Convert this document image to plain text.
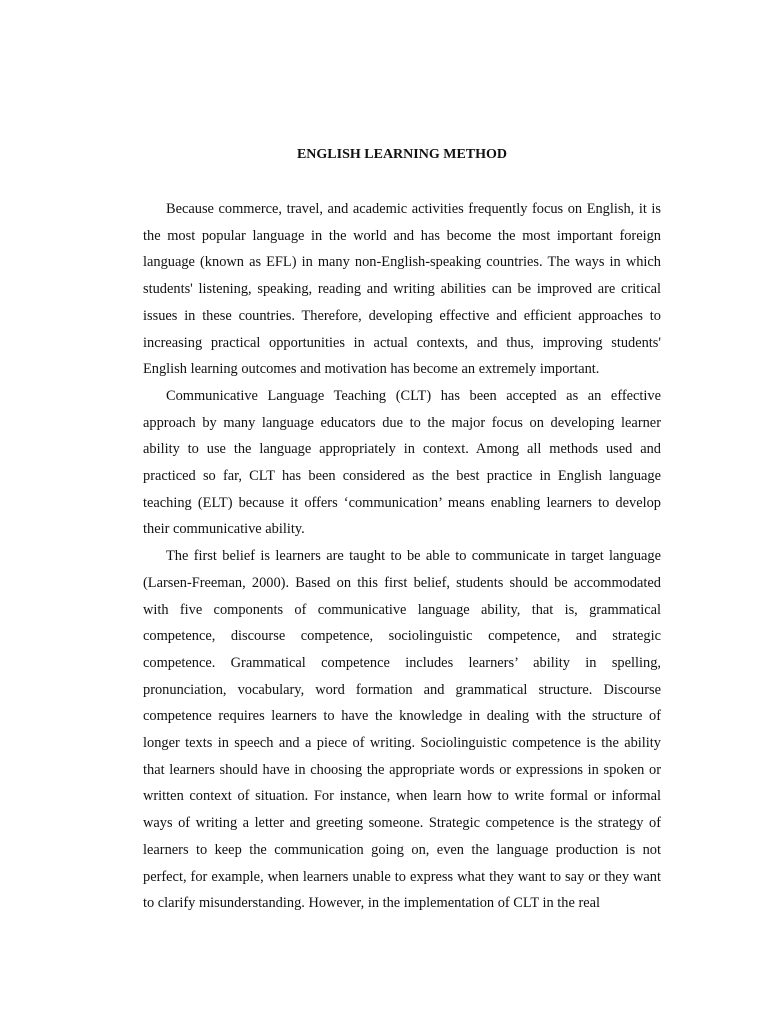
ENGLISH LEARNING METHOD

Because commerce, travel, and academic activities frequently focus on English, it is the most popular language in the world and has become the most important foreign language (known as EFL) in many non-English-speaking countries. The ways in which students' listening, speaking, reading and writing abilities can be improved are critical issues in these countries. Therefore, developing effective and efficient approaches to increasing practical opportunities in actual contexts, and thus, improving students' English learning outcomes and motivation has become an extremely important.

Communicative Language Teaching (CLT) has been accepted as an effective approach by many language educators due to the major focus on developing learner ability to use the language appropriately in context. Among all methods used and practiced so far, CLT has been considered as the best practice in English language teaching (ELT) because it offers ‘communication’ means enabling learners to develop their communicative ability.

The first belief is learners are taught to be able to communicate in target language (Larsen-Freeman, 2000). Based on this first belief, students should be accommodated with five components of communicative language ability, that is, grammatical competence, discourse competence, sociolinguistic competence, and strategic competence. Grammatical competence includes learners’ ability in spelling, pronunciation, vocabulary, word formation and grammatical structure. Discourse competence requires learners to have the knowledge in dealing with the structure of longer texts in speech and a piece of writing. Sociolinguistic competence is the ability that learners should have in choosing the appropriate words or expressions in spoken or written context of situation. For instance, when learn how to write formal or informal ways of writing a letter and greeting someone. Strategic competence is the strategy of learners to keep the communication going on, even the language production is not perfect, for example, when learners unable to express what they want to say or they want to clarify misunderstanding. However, in the implementation of CLT in the real
